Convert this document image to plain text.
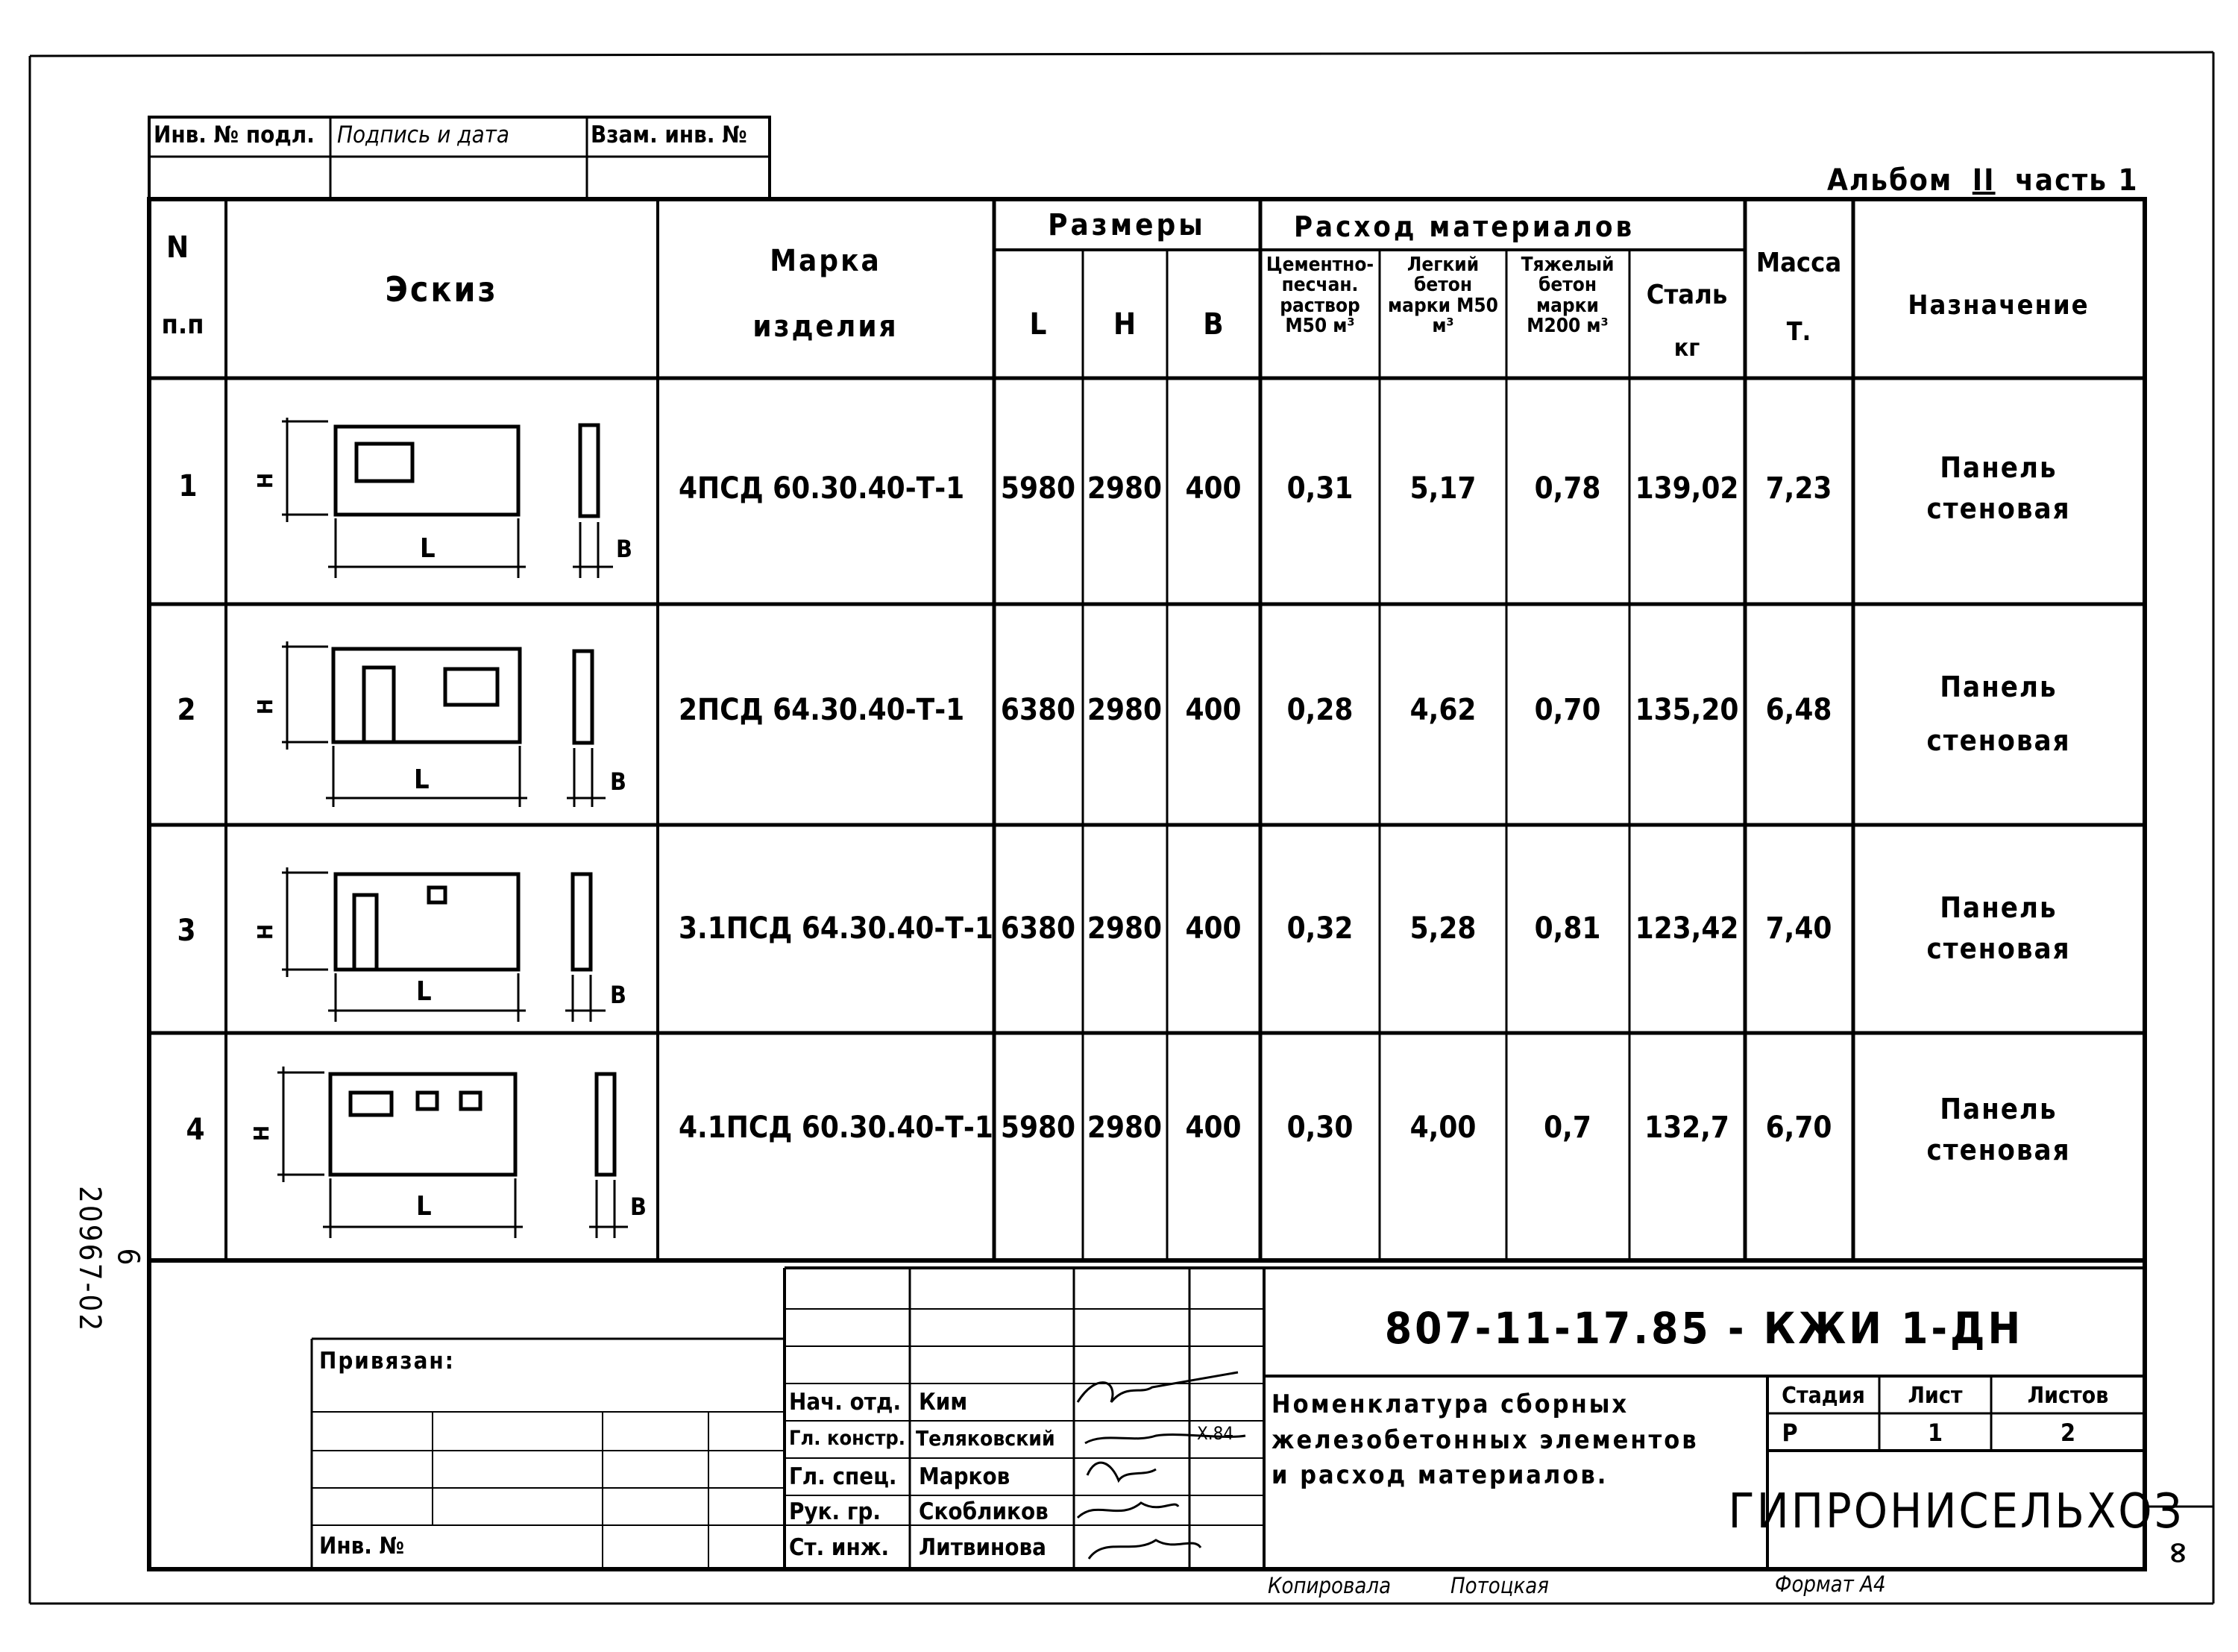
Инв. № подл. Подпись и дата	Взам. инв. №
Альбом II часть 1
N
п.п
Эскиз
Марка
изделия
Размеры
L H B
Расход материалов
Цементно-песчан. раствор М50 м³
Легкий бетон марки М50 м³
Тяжелый бетон марки М200 м³
Сталь
кг
Масса
Т.
Назначение
1	4ПСД 60.30.40-Т-1 5980 2980 400 0,31 5,17 0,78 139,02 7,23
Панель
стеновая
2	2ПСД 64.30.40-Т-1 6380 2980 400 0,28 4,62 0,70 135,20 6,48
Панель
стеновая
3	3.1ПСД 64.30.40-Т-1 6380 2980 400 0,32 5,28 0,81 123,42 7,40
Панель
стеновая
4	4.1ПСД 60.30.40-Т-1 5980 2980 400 0,30 4,00 0,7 132,7 6,70
Панель
стеновая
H
L	B
H
L	B
H
L	B
H
L	B
20967-02 6
∞
Привязан:
Инв. №
Нач. отд. Ким
Гл. констр. Теляковский
Гл. спец. Марков
Рук. гр. Скобликов
Ст. инж. Литвинова
Х.84
807-11-17.85 - КЖИ 1-ДН
Номенклатура сборных
железобетонных элементов
и расход материалов.
Стадия Лист	Листов
Р	1	2
ГИПРОНИСЕЛЬХОЗ
Копировала	Потоцкая	Формат А4
